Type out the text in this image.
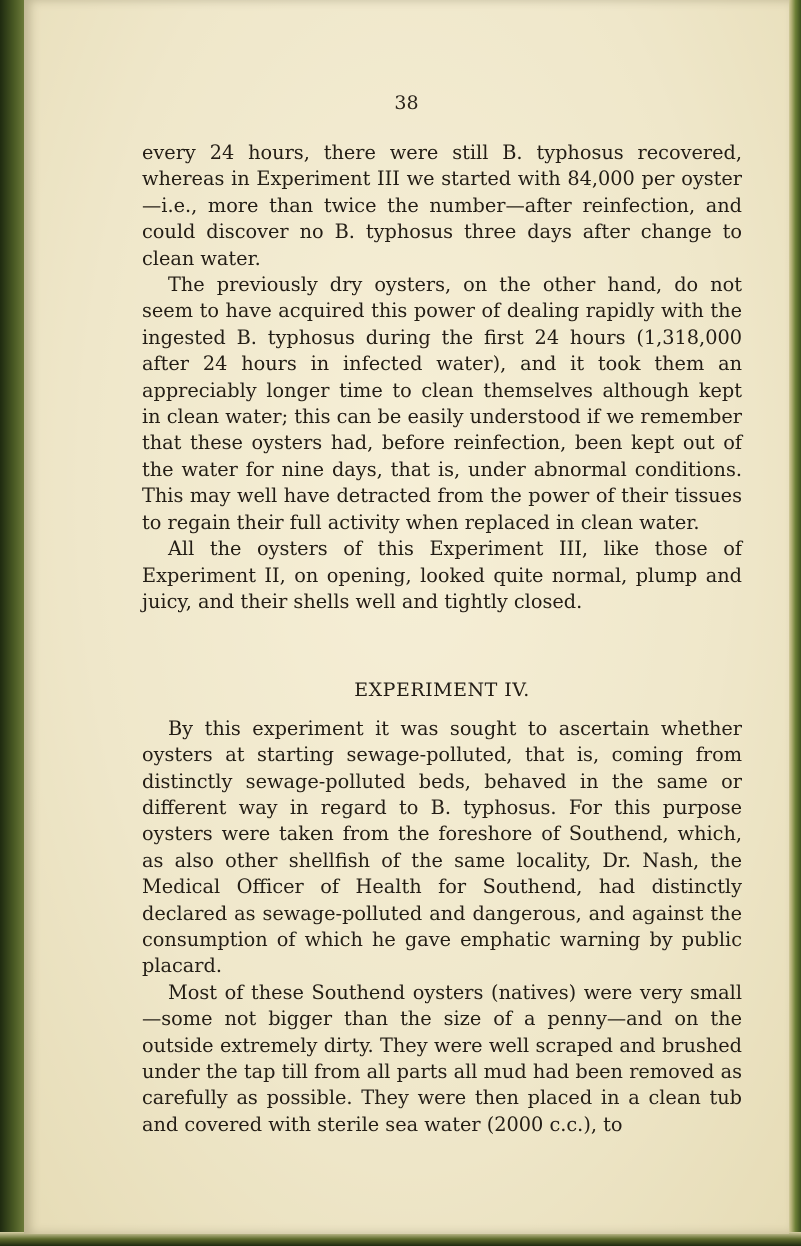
38

every 24 hours, there were still B. typhosus recovered, whereas in Experiment III we started with 84,000 per oyster—i.e., more than twice the number—after reinfection, and could discover no B. typhosus three days after change to clean water.

The previously dry oysters, on the other hand, do not seem to have acquired this power of dealing rapidly with the ingested B. typhosus during the first 24 hours (1,318,000 after 24 hours in infected water), and it took them an appreciably longer time to clean themselves although kept in clean water; this can be easily understood if we remember that these oysters had, before reinfection, been kept out of the water for nine days, that is, under abnormal conditions. This may well have detracted from the power of their tissues to regain their full activity when replaced in clean water.

All the oysters of this Experiment III, like those of Experiment II, on opening, looked quite normal, plump and juicy, and their shells well and tightly closed.

EXPERIMENT IV.

By this experiment it was sought to ascertain whether oysters at starting sewage-polluted, that is, coming from distinctly sewage-polluted beds, behaved in the same or different way in regard to B. typhosus. For this purpose oysters were taken from the foreshore of Southend, which, as also other shellfish of the same locality, Dr. Nash, the Medical Officer of Health for Southend, had distinctly declared as sewage-polluted and dangerous, and against the consumption of which he gave emphatic warning by public placard.

Most of these Southend oysters (natives) were very small —some not bigger than the size of a penny—and on the outside extremely dirty. They were well scraped and brushed under the tap till from all parts all mud had been removed as carefully as possible. They were then placed in a clean tub and covered with sterile sea water (2000 c.c.), to
